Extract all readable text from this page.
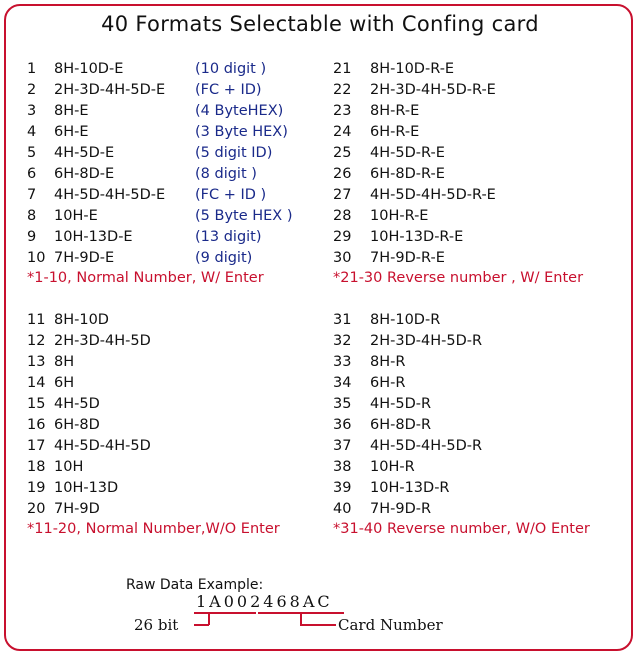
40 Formats Selectable with Confing card
1 8H-10D-E	(10 digit )
2 2H-3D-4H-5D-E (FC + ID)
3 8H-E	(4 ByteHEX)
4 6H-E	(3 Byte HEX)
5 4H-5D-E	(5 digit ID)
6 6H-8D-E	(8 digit )
7 4H-5D-4H-5D-E (FC + ID )
8 10H-E	(5 Byte HEX )
9 10H-13D-E	(13 digit)
10 7H-9D-E	(9 digit)
*1-10, Normal Number, W/ Enter
21 8H-10D-R-E
22 2H-3D-4H-5D-R-E
23 8H-R-E
24 6H-R-E
25 4H-5D-R-E
26 6H-8D-R-E
27 4H-5D-4H-5D-R-E
28 10H-R-E
29 10H-13D-R-E
30 7H-9D-R-E
*21-30 Reverse number , W/ Enter
11 8H-10D
12 2H-3D-4H-5D
13 8H
14 6H
15 4H-5D
16 6H-8D
17 4H-5D-4H-5D
18 10H
19 10H-13D
20 7H-9D
*11-20, Normal Number,W/O Enter
31 8H-10D-R
32 2H-3D-4H-5D-R
33 8H-R
34 6H-R
35 4H-5D-R
36 6H-8D-R
37 4H-5D-4H-5D-R
38 10H-R
39 10H-13D-R
40 7H-9D-R
*31-40 Reverse number, W/O Enter
Raw Data Example:
1A002468AC
26 bit	Card Number
